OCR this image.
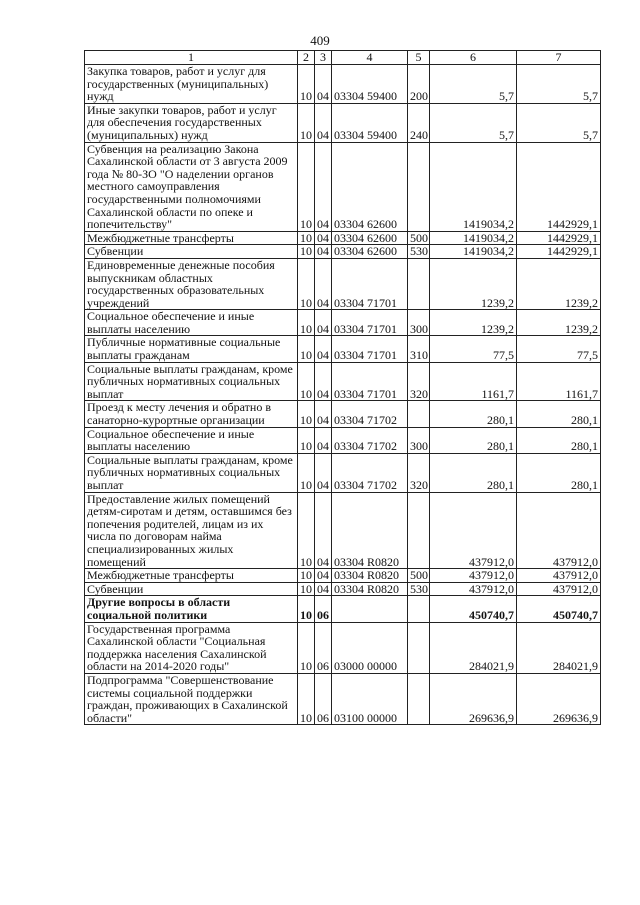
409
1	2	3	4	5	6	7
Закупка товаров, работ и услуг для государственных (муниципальных) нужд	10	04	03304 59400	200	5,7	5,7
Иные закупки товаров, работ и услуг для обеспечения государственных (муниципальных) нужд	10	04	03304 59400	240	5,7	5,7
Субвенция на реализацию Закона Сахалинской области от 3 августа 2009 года № 80-ЗО "О наделении органов местного самоуправления государственными полномочиями Сахалинской области по опеке и попечительству"	10	04	03304 62600		1419034,2	1442929,1
Межбюджетные трансферты	10	04	03304 62600	500	1419034,2	1442929,1
Субвенции	10	04	03304 62600	530	1419034,2	1442929,1
Единовременные денежные пособия выпускникам областных государственных образовательных учреждений	10	04	03304 71701		1239,2	1239,2
Социальное обеспечение и иные выплаты населению	10	04	03304 71701	300	1239,2	1239,2
Публичные нормативные социальные выплаты гражданам	10	04	03304 71701	310	77,5	77,5
Социальные выплаты гражданам, кроме публичных нормативных социальных выплат	10	04	03304 71701	320	1161,7	1161,7
Проезд к месту лечения и обратно в санаторно-курортные организации	10	04	03304 71702		280,1	280,1
Социальное обеспечение и иные выплаты населению	10	04	03304 71702	300	280,1	280,1
Социальные выплаты гражданам, кроме публичных нормативных социальных выплат	10	04	03304 71702	320	280,1	280,1
Предоставление жилых помещений детям-сиротам и детям, оставшимся без попечения родителей, лицам из их числа по договорам найма специализированных жилых помещений	10	04	03304 R0820		437912,0	437912,0
Межбюджетные трансферты	10	04	03304 R0820	500	437912,0	437912,0
Субвенции	10	04	03304 R0820	530	437912,0	437912,0
Другие вопросы в области социальной политики	10	06			450740,7	450740,7
Государственная программа Сахалинской области "Социальная поддержка населения Сахалинской области на 2014-2020 годы"	10	06	03000 00000		284021,9	284021,9
Подпрограмма "Совершенствование системы социальной поддержки граждан, проживающих в Сахалинской области"	10	06	03100 00000		269636,9	269636,9
